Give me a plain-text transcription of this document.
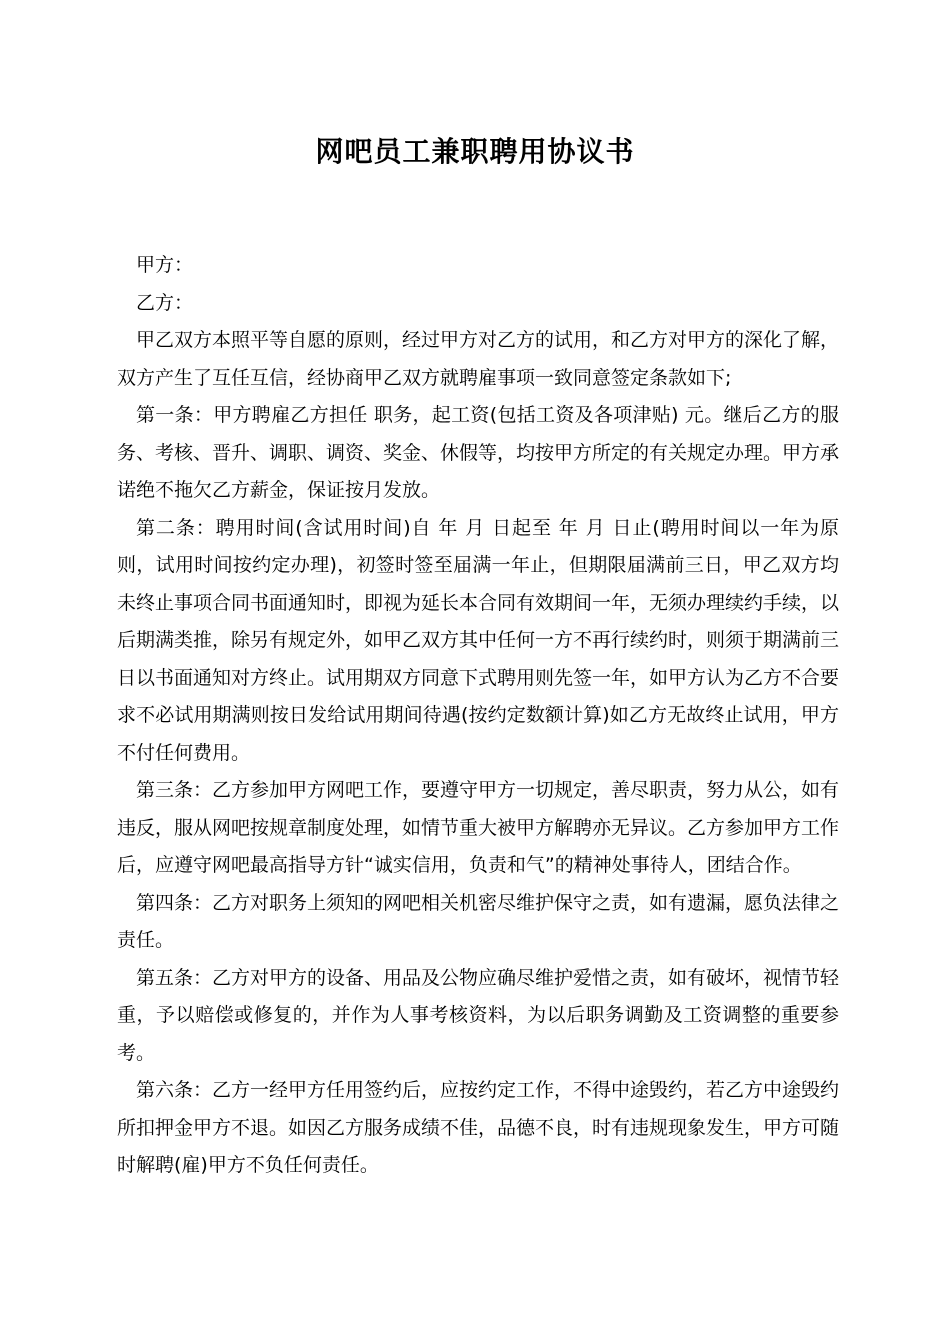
网吧员工兼职聘用协议书

甲方：

乙方：

甲乙双方本照平等自愿的原则，经过甲方对乙方的试用，和乙方对甲方的深化了解，双方产生了互任互信，经协商甲乙双方就聘雇事项一致同意签定条款如下;

第一条：甲方聘雇乙方担任 职务，起工资(包括工资及各项津贴) 元。继后乙方的服务、考核、晋升、调职、调资、奖金、休假等，均按甲方所定的有关规定办理。甲方承诺绝不拖欠乙方薪金，保证按月发放。

第二条：聘用时间(含试用时间)自 年 月 日起至 年 月 日止(聘用时间以一年为原则，试用时间按约定办理)，初签时签至届满一年止，但期限届满前三日，甲乙双方均未终止事项合同书面通知时，即视为延长本合同有效期间一年，无须办理续约手续，以后期满类推，除另有规定外，如甲乙双方其中任何一方不再行续约时，则须于期满前三日以书面通知对方终止。试用期双方同意下式聘用则先签一年，如甲方认为乙方不合要求不必试用期满则按日发给试用期间待遇(按约定数额计算)如乙方无故终止试用，甲方不付任何费用。

第三条：乙方参加甲方网吧工作，要遵守甲方一切规定，善尽职责，努力从公，如有违反，服从网吧按规章制度处理，如情节重大被甲方解聘亦无异议。乙方参加甲方工作后，应遵守网吧最高指导方针“诚实信用，负责和气”的精神处事待人，团结合作。

第四条：乙方对职务上须知的网吧相关机密尽维护保守之责，如有遗漏，愿负法律之责任。

第五条：乙方对甲方的设备、用品及公物应确尽维护爱惜之责，如有破坏，视情节轻重，予以赔偿或修复的，并作为人事考核资料，为以后职务调勤及工资调整的重要参考。

第六条：乙方一经甲方任用签约后，应按约定工作，不得中途毁约，若乙方中途毁约所扣押金甲方不退。如因乙方服务成绩不佳，品德不良，时有违规现象发生，甲方可随时解聘(雇)甲方不负任何责任。
